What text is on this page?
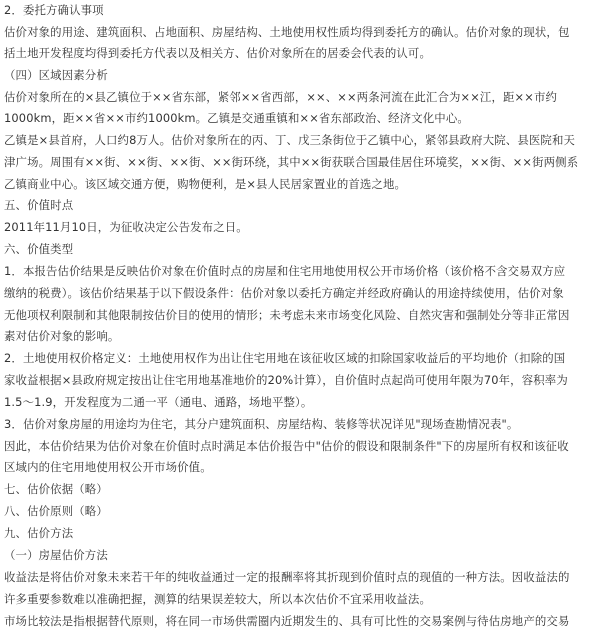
2．委托方确认事项
估价对象的用途、建筑面积、占地面积、房屋结构、土地使用权性质均得到委托方的确认。估价对象的现状，包
括土地开发程度均得到委托方代表以及相关方、估价对象所在的居委会代表的认可。
（四）区域因素分析
估价对象所在的×县乙镇位于××省东部，紧邻××省西部，××、××两条河流在此汇合为××江，距××市约
1000km，距××省××市约1000km。乙镇是交通重镇和××省东部政治、经济文化中心。
乙镇是×县首府，人口约8万人。估价对象所在的丙、丁、戊三条街位于乙镇中心，紧邻县政府大院、县医院和天
津广场。周围有××街、××街、××街、××街环绕，其中××街获联合国最佳居住环境奖，××街、××街两侧系
乙镇商业中心。该区域交通方便，购物便利，是×县人民居家置业的首选之地。
五、价值时点
2011年11月10日，为征收决定公告发布之日。
六、价值类型
1．本报告估价结果是反映估价对象在价值时点的房屋和住宅用地使用权公开市场价格（该价格不含交易双方应
缴纳的税费）。该估价结果基于以下假设条件：估价对象以委托方确定并经政府确认的用途持续使用，估价对象
无他项权利限制和其他限制按估价目的使用的情形；未考虑未来市场变化风险、自然灾害和强制处分等非正常因
素对估价对象的影响。
2．土地使用权价格定义：土地使用权作为出让住宅用地在该征收区域的扣除国家收益后的平均地价（扣除的国
家收益根据×县政府规定按出让住宅用地基准地价的20%计算），自价值时点起尚可使用年限为70年，容积率为
1.5～1.9，开发程度为二通一平（通电、通路，场地平整）。
3．估价对象房屋的用途均为住宅，其分户建筑面积、房屋结构、装修等状况详见"现场查勘情况表"。
因此，本估价结果为估价对象在价值时点时满足本估价报告中"估价的假设和限制条件"下的房屋所有权和该征收
区域内的住宅用地使用权公开市场价值。
七、估价依据（略）
八、估价原则（略）
九、估价方法
（一）房屋估价方法
收益法是将估价对象未来若干年的纯收益通过一定的报酬率将其折现到价值时点的现值的一种方法。因收益法的
许多重要参数难以准确把握，测算的结果误差较大，所以本次估价不宜采用收益法。
市场比较法是指根据替代原则，将在同一市场供需圈内近期发生的、具有可比性的交易案例与待估房地产的交易
